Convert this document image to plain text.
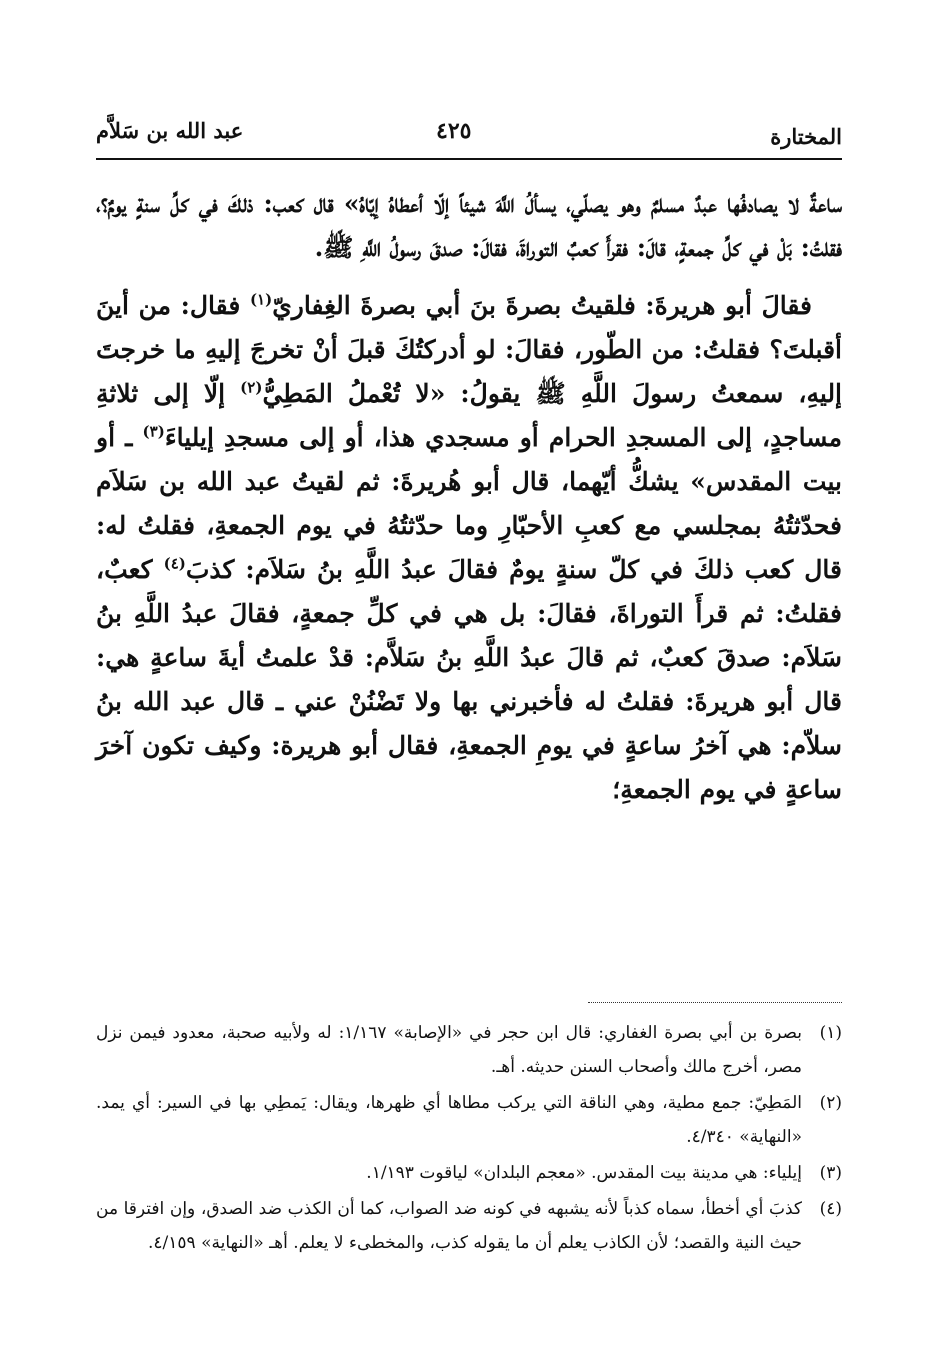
المختارة
٤٢٥
عبد الله بن سَلاَّم

ساعةٌ لا يصادفُها عبدٌ مسلمٌ وهو يصلّي، يسألُ اللَّهَ شيئاً إلّا أعطاهُ إيّاهُ» قال كعب: ذلكَ في كلِّ سنةٍ يومٌ؟، فقلتُ: بَلْ في كلِّ جمعةٍ، قالَ: فقرأَ كعبٌ التوراةَ، فقالَ: صدقَ رسولُ اللَّهِ ﷺ.

فقالَ أبو هريرةَ: فلقيتُ بصرةَ بنَ أبي بصرةَ الغِفاريّ$^{(١)}$ فقال: من أينَ أقبلتَ؟ فقلتُ: من الطّور، فقالَ: لو أدركتُكَ قبلَ أنْ تخرجَ إليهِ ما خرجتَ إليهِ، سمعتُ رسولَ اللَّهِ ﷺ يقولُ: «لا تُعْملُ المَطِيُّ$^{(٢)}$ إلّا إلى ثلاثةِ مساجدٍ، إلى المسجدِ الحرام أو مسجدي هذا، أو إلى مسجدِ إيلياءَ$^{(٣)}$ ـ أو بيت المقدس» يشكُّ أيّهما، قال أبو هُريرةَ: ثم لقيتُ عبد الله بن سَلاَم فحدّثتُهُ بمجلسي مع كعبِ الأحبّارِ وما حدّثتُهُ في يوم الجمعةِ، فقلتُ له: قال كعب ذلكَ في كلّ سنةٍ يومٌ فقالَ عبدُ اللَّهِ بنُ سَلاَم: كذبَ$^{(٤)}$ كعبٌ، فقلتُ: ثم قرأَ التوراةَ، فقالَ: بل هي في كلِّ جمعةٍ، فقالَ عبدُ اللَّهِ بنُ سَلاَم: صدقَ كعبٌ، ثم قالَ عبدُ اللَّهِ بنُ سَلاَّم: قدْ علمتُ أيةَ ساعةٍ هي: قال أبو هريرةَ: فقلتُ له فأخبرني بها ولا تَضْنُنْ عني ـ قال عبد الله بنُ سلاّم: هي آخرُ ساعةٍ في يومِ الجمعةِ، فقال أبو هريرة: وكيف تكون آخرَ ساعةٍ في يوم الجمعةِ؛

(١)
بصرة بن أبي بصرة الغفاري: قال ابن حجر في «الإصابة» ١/١٦٧: له ولأبيه صحبة، معدود فيمن نزل مصر، أخرج مالك وأصحاب السنن حديثه. أهـ.
(٢)
المَطِيّ: جمع مطية، وهي الناقة التي يركب مطاها أي ظهرها، ويقال: يَمطِي بها في السير: أي يمد. «النهاية» ٤/٣٤٠.
(٣)
إيلياء: هي مدينة بيت المقدس. «معجم البلدان» لياقوت ١/١٩٣.
(٤)
كذبَ أي أخطأ، سماه كذباً لأنه يشبهه في كونه ضد الصواب، كما أن الكذب ضد الصدق، وإن افترقا من حيث النية والقصد؛ لأن الكاذب يعلم أن ما يقوله كذب، والمخطىء لا يعلم. أهـ «النهاية» ٤/١٥٩.
